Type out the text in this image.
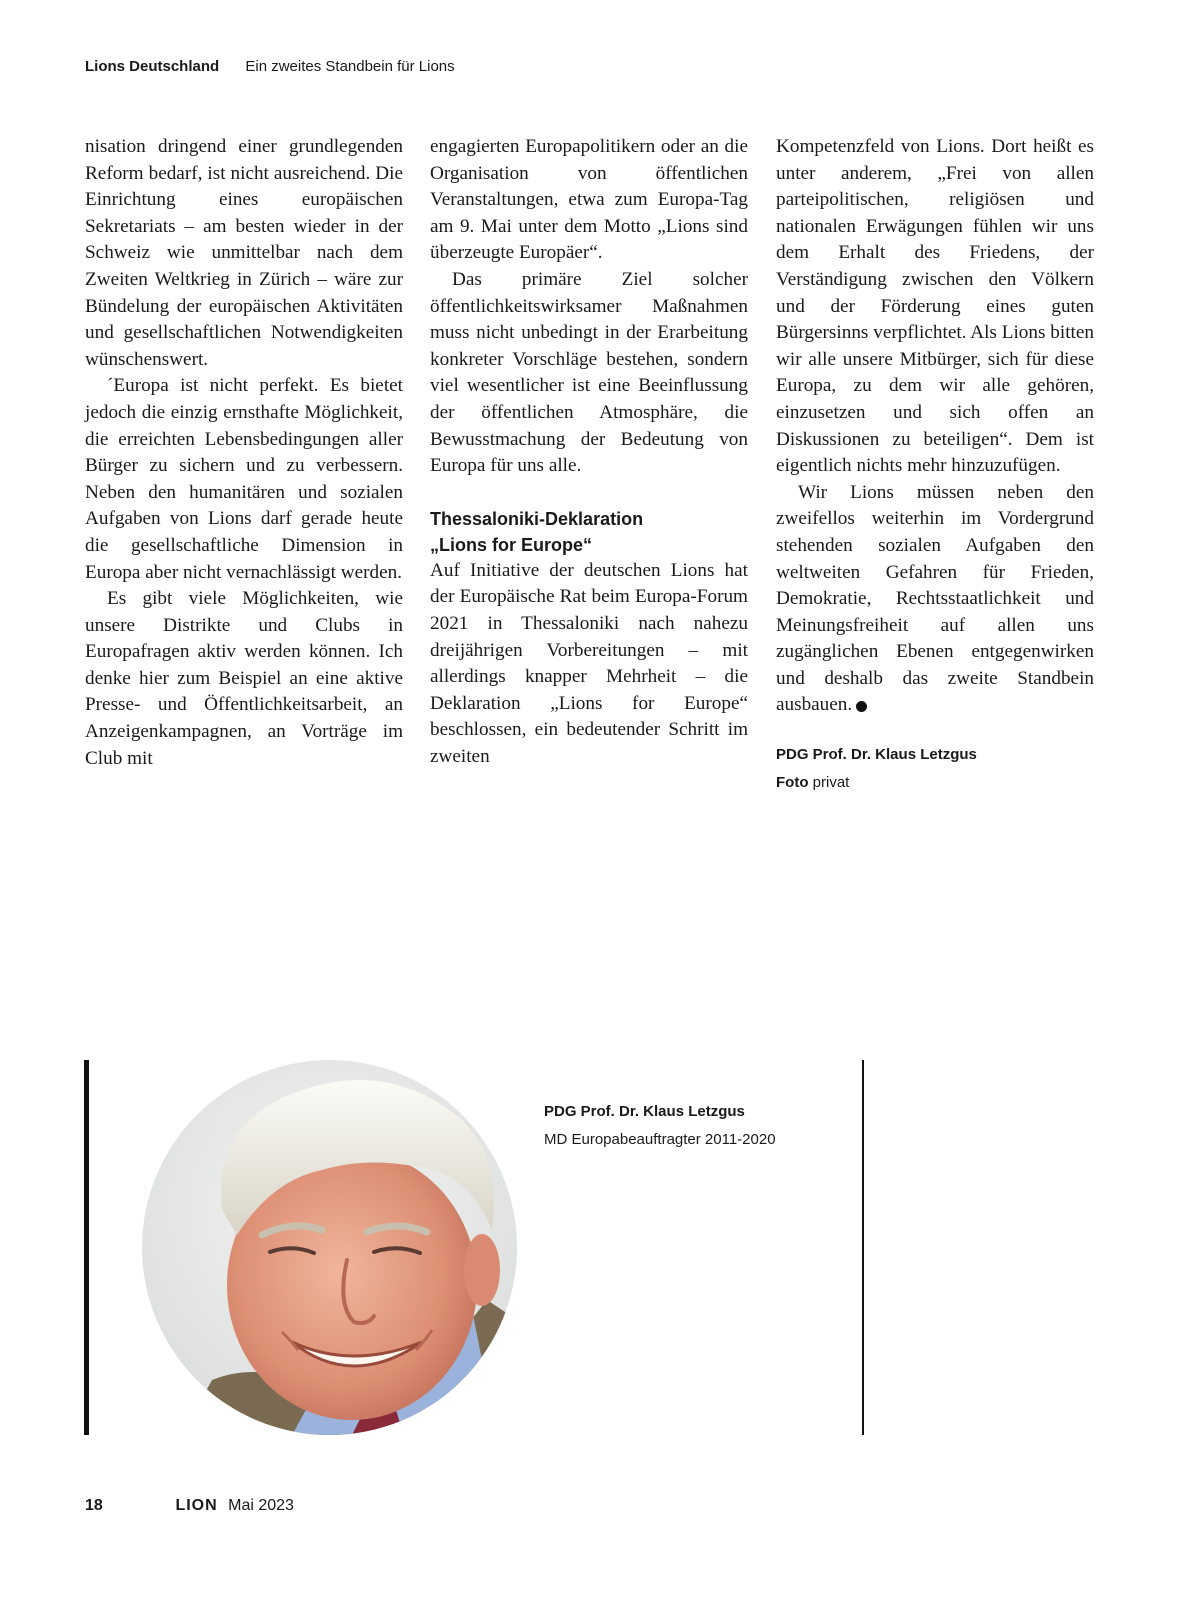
Lions Deutschland Ein zweites Standbein für Lions

nisation dringend einer grundlegenden Reform bedarf, ist nicht ausreichend. Die Einrichtung eines europäischen Sekretariats – am besten wieder in der Schweiz wie unmittelbar nach dem Zweiten Weltkrieg in Zürich – wäre zur Bündelung der europäischen Aktivitäten und gesellschaftlichen Notwendigkeiten wünschenswert.

´Europa ist nicht perfekt. Es bietet jedoch die einzig ernsthafte Möglichkeit, die erreichten Lebensbedingungen aller Bürger zu sichern und zu verbessern. Neben den humanitären und sozialen Aufgaben von Lions darf gerade heute die gesellschaftliche Dimension in Europa aber nicht vernachlässigt werden.

Es gibt viele Möglichkeiten, wie unsere Distrikte und Clubs in Europafragen aktiv werden können. Ich denke hier zum Beispiel an eine aktive Presse- und Öffentlichkeitsarbeit, an Anzeigenkampagnen, an Vorträge im Club mit

engagierten Europapolitikern oder an die Organisation von öffentlichen Veranstaltungen, etwa zum Europa-Tag am 9. Mai unter dem Motto „Lions sind überzeugte Europäer“.

Das primäre Ziel solcher öffentlichkeitswirksamer Maßnahmen muss nicht unbedingt in der Erarbeitung konkreter Vorschläge bestehen, sondern viel wesentlicher ist eine Beeinflussung der öffentlichen Atmosphäre, die Bewusstmachung der Bedeutung von Europa für uns alle.

Thessaloniki-Deklaration
„Lions for Europe“

Auf Initiative der deutschen Lions hat der Europäische Rat beim Europa-Forum 2021 in Thessaloniki nach nahezu dreijährigen Vorbereitungen – mit allerdings knapper Mehrheit – die Deklaration „Lions for Europe“ beschlossen, ein bedeutender Schritt im zweiten

Kompetenzfeld von Lions. Dort heißt es unter anderem, „Frei von allen parteipolitischen, religiösen und nationalen Erwägungen fühlen wir uns dem Erhalt des Friedens, der Verständigung zwischen den Völkern und der Förderung eines guten Bürgersinns verpflichtet. Als Lions bitten wir alle unsere Mitbürger, sich für diese Europa, zu dem wir alle gehören, einzusetzen und sich offen an Diskussionen zu beteiligen“. Dem ist eigentlich nichts mehr hinzuzufügen.

Wir Lions müssen neben den zweifellos weiterhin im Vordergrund stehenden sozialen Aufgaben den weltweiten Gefahren für Frieden, Demokratie, Rechtsstaatlichkeit und Meinungsfreiheit auf allen uns zugänglichen Ebenen entgegenwirken und deshalb das zweite Standbein ausbauen.	L

PDG Prof. Dr. Klaus Letzgus
Foto privat
PDG Prof. Dr. Klaus Letzgus
MD Europabeauftragter 2011-2020
18	LION Mai 2023
